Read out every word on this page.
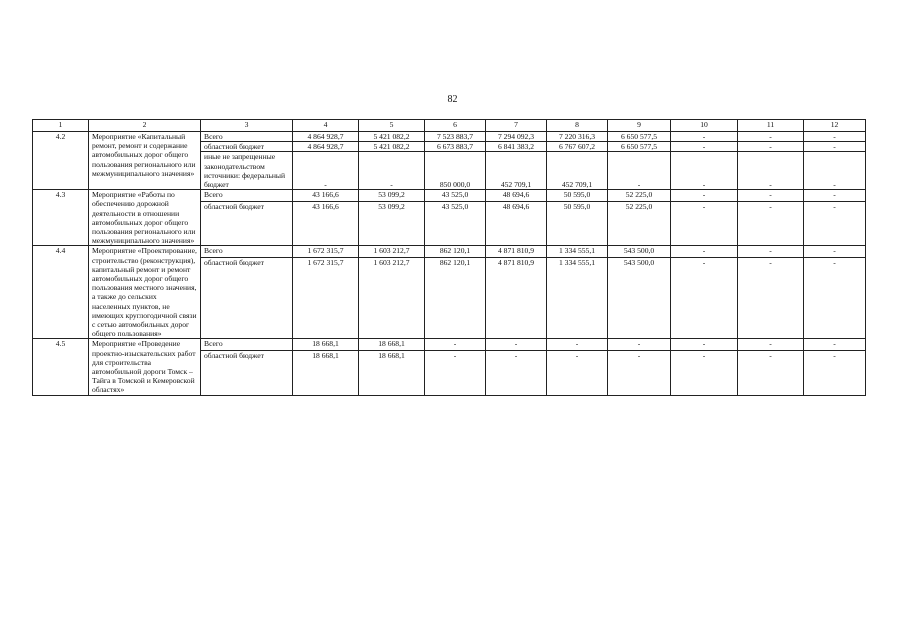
82
1	2	3	4	5	6	7	8	9	10	11	12
4.2	Мероприятие «Капитальный ремонт, ремонт и содержание автомобильных дорог общего пользования регионального или межмуниципального значения»	Всего	4 864 928,7	5 421 082,2	7 523 883,7	7 294 092,3	7 220 316,3	6 650 577,5	-	-	-
		областной бюджет	4 864 928,7	5 421 082,2	6 673 883,7	6 841 383,2	6 767 607,2	6 650 577,5	-	-	-
		иные не запрещенные законодательством источники: федеральный бюджет	-	-	850 000,0	452 709,1	452 709,1	-	-	-	-
4.3	Мероприятие «Работы по обеспечению дорожной деятельности в отношении автомобильных дорог общего пользования регионального или межмуниципального значения»	Всего	43 166,6	53 099,2	43 525,0	48 694,6	50 595,0	52 225,0	-	-	-
		областной бюджет	43 166,6	53 099,2	43 525,0	48 694,6	50 595,0	52 225,0	-	-	-
4.4	Мероприятие «Проектирование, строительство (реконструкция), капитальный ремонт и ремонт автомобильных дорог общего пользования местного значения, а также до сельских населенных пунктов, не имеющих круглогодичной связи с сетью автомобильных дорог общего пользования»	Всего	1 672 315,7	1 603 212,7	862 120,1	4 871 810,9	1 334 555,1	543 500,0	-	-	-
		областной бюджет	1 672 315,7	1 603 212,7	862 120,1	4 871 810,9	1 334 555,1	543 500,0	-	-	-
4.5	Мероприятие «Проведение проектно-изыскательских работ для строительства автомобильной дороги Томск – Тайга в Томской и Кемеровской областях»	Всего	18 668,1	18 668,1	-	-	-	-	-	-	-
		областной бюджет	18 668,1	18 668,1	-	-	-	-	-	-	-
